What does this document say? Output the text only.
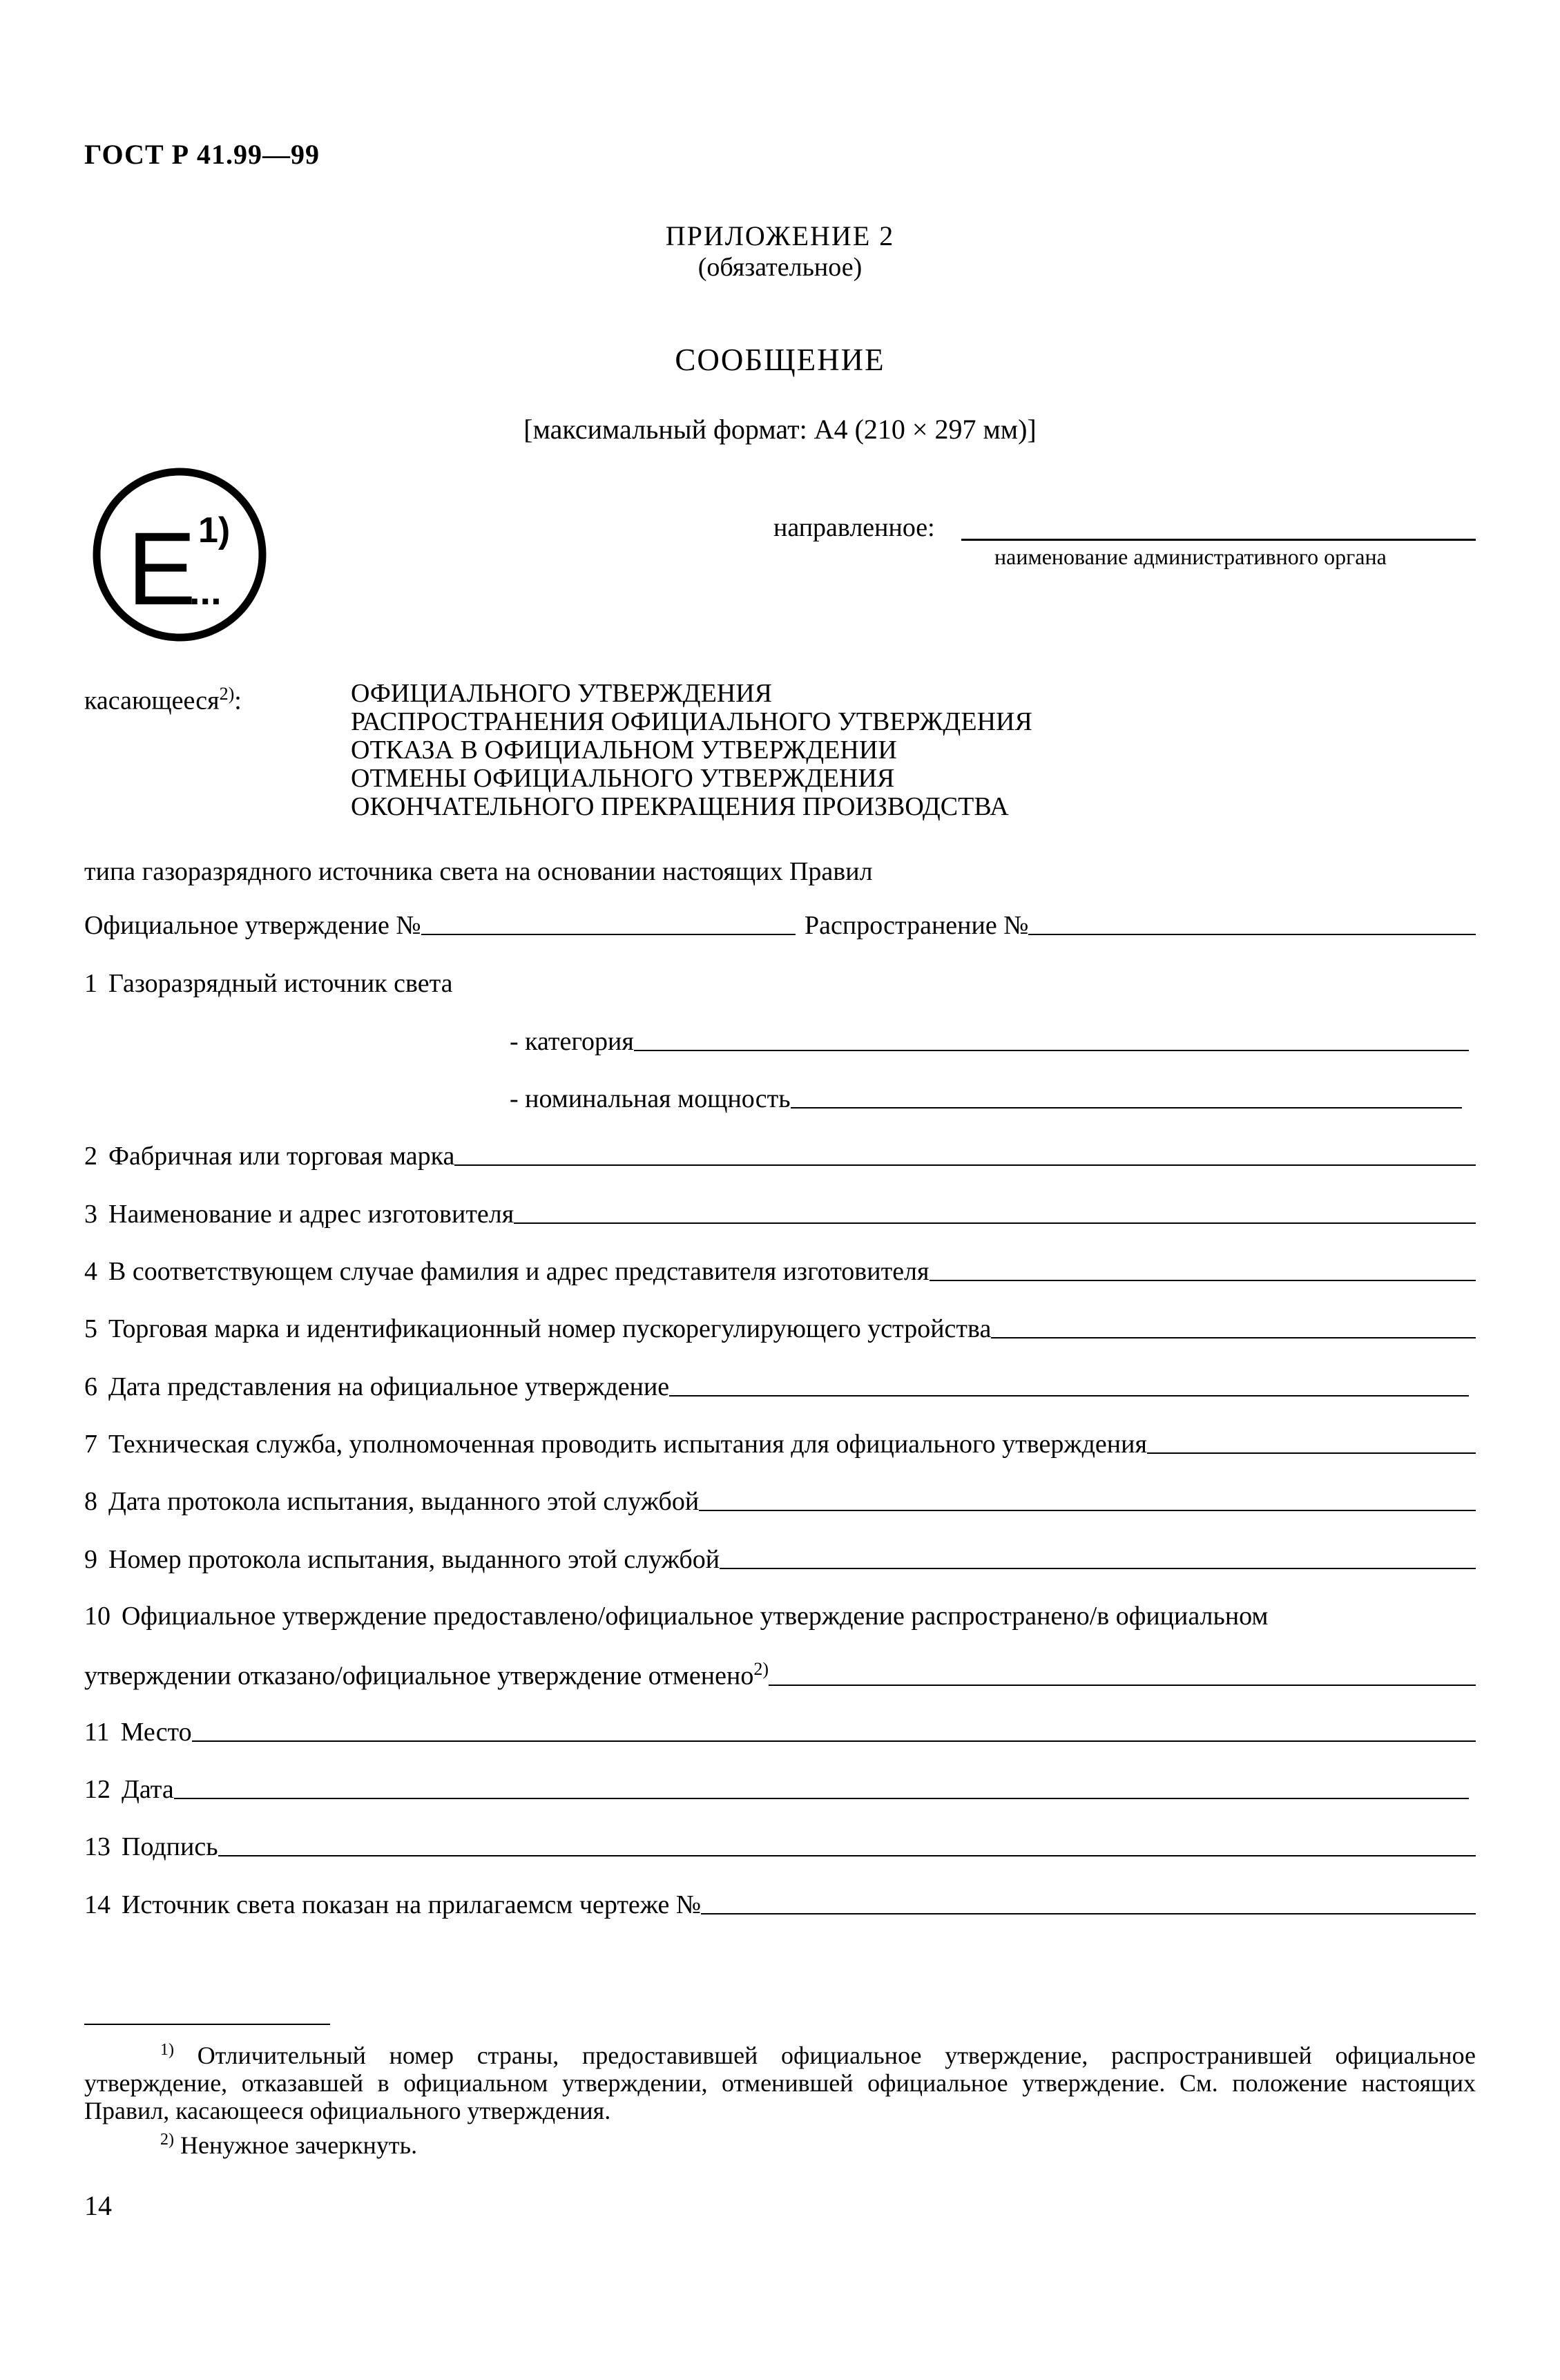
ГОСТ Р 41.99—99
ПРИЛОЖЕНИЕ 2
(обязательное)
СООБЩЕНИЕ
[максимальный формат: А4 (210 × 297 мм)]
E
...
1)	направленное:
наименование административного органа
касающееся$^{2)}$:	ОФИЦИАЛЬНОГО УТВЕРЖДЕНИЯ
РАСПРОСТРАНЕНИЯ ОФИЦИАЛЬНОГО УТВЕРЖДЕНИЯ
ОТКАЗА В ОФИЦИАЛЬНОМ УТВЕРЖДЕНИИ
ОТМЕНЫ ОФИЦИАЛЬНОГО УТВЕРЖДЕНИЯ
ОКОНЧАТЕЛЬНОГО ПРЕКРАЩЕНИЯ ПРОИЗВОДСТВА
типа газоразрядного источника света на основании настоящих Правил
Официальное утверждение №	Распространение №
1 Газоразрядный источник света
- категория
- номинальная мощность
2 Фабричная или торговая марка
3 Наименование и адрес изготовителя
4 В соответствующем случае фамилия и адрес представителя изготовителя
5 Торговая марка и идентификационный номер пускорегулирующего устройства
6 Дата представления на официальное утверждение
7 Техническая служба, уполномоченная проводить испытания для официального утверждения
8 Дата протокола испытания, выданного этой службой
9 Номер протокола испытания, выданного этой службой
10 Официальное утверждение предоставлено/официальное утверждение распространено/в официальном
утверждении отказано/официальное утверждение отменено$^{2)}$
11 Место
12 Дата
13 Подпись
14 Источник света показан на прилагаемсм чертеже №
$^{1)}$ Отличительный номер страны, предоставившей официальное утверждение, распространившей официальное утверждение, отказавшей в официальном утверждении, отменившей официальное утверждение. См. положение настоящих Правил, касающееся официального утверждения.
$^{2)}$ Ненужное зачеркнуть.
14
